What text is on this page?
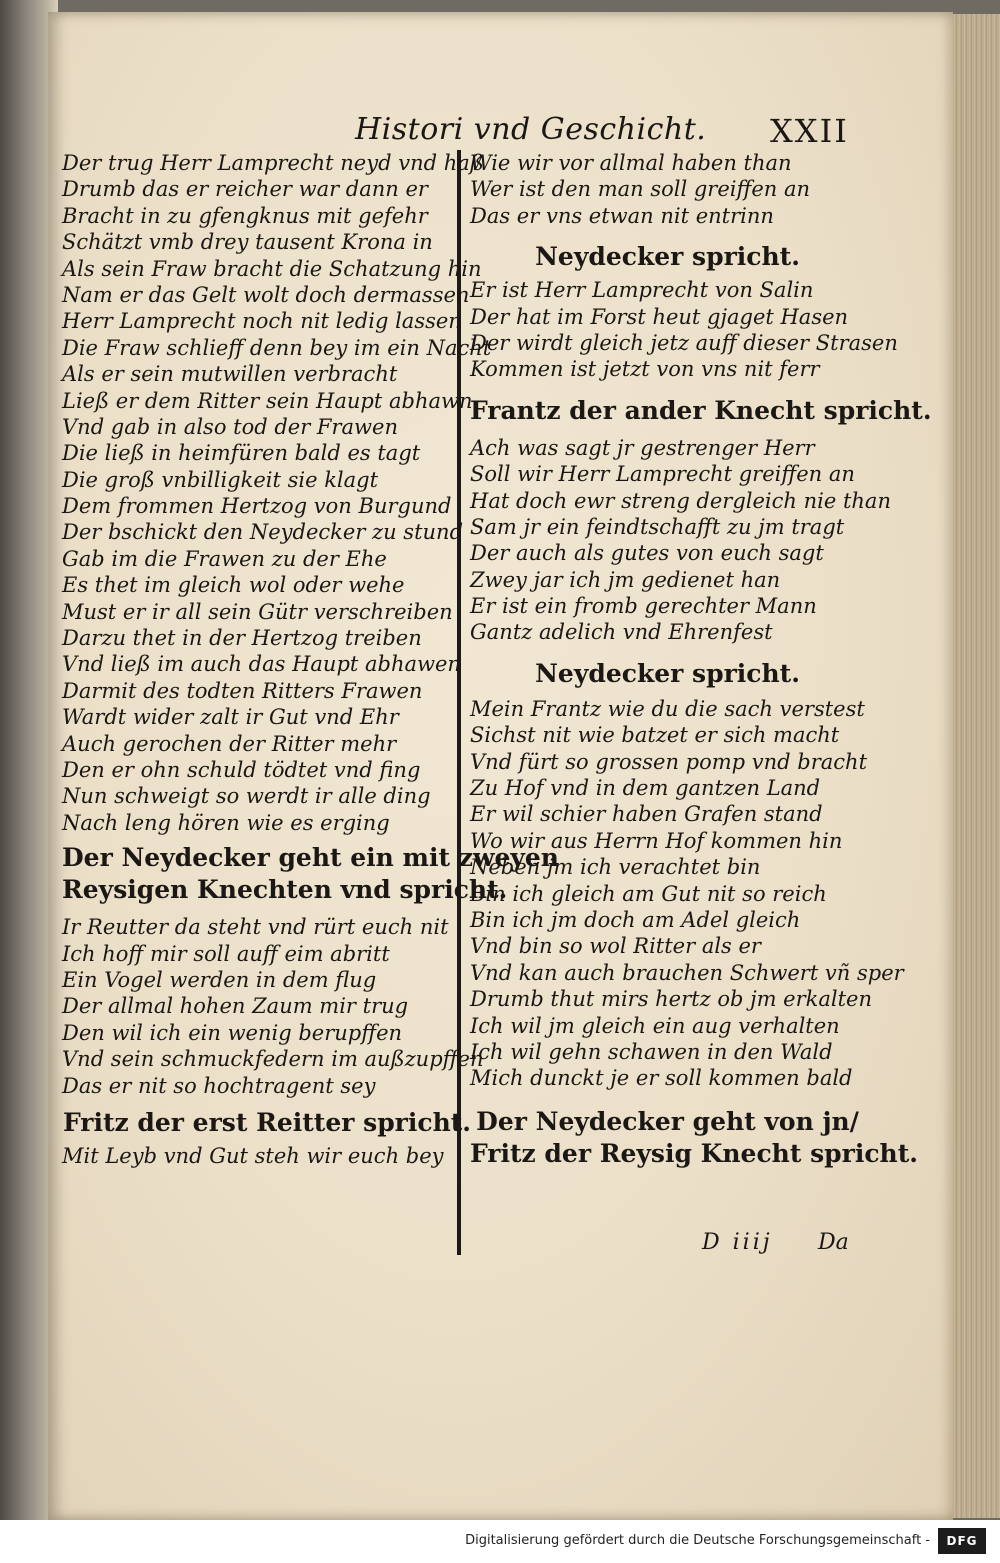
Histori vnd Geschicht. XXII
Der trug Herr Lamprecht neyd vnd haß
Drumb das er reicher war dann er
Bracht in zu gfengknus mit gefehr
Schätzt vmb drey tausent Krona in
Als sein Fraw bracht die Schatzung hin
Nam er das Gelt wolt doch dermassen
Herr Lamprecht noch nit ledig lassen
Die Fraw schlieff denn bey im ein Nacht
Als er sein mutwillen verbracht
Ließ er dem Ritter sein Haupt abhawn
Vnd gab in also tod der Frawen
Die ließ in heimfüren bald es tagt
Die groß vnbilligkeit sie klagt
Dem frommen Hertzog von Burgund
Der bschickt den Neydecker zu stund
Gab im die Frawen zu der Ehe
Es thet im gleich wol oder wehe
Must er ir all sein Gütr verschreiben
Darzu thet in der Hertzog treiben
Vnd ließ im auch das Haupt abhawen
Darmit des todten Ritters Frawen
Wardt wider zalt ir Gut vnd Ehr
Auch gerochen der Ritter mehr
Den er ohn schuld tödtet vnd fing
Nun schweigt so werdt ir alle ding
Nach leng hören wie es erging
Der Neydecker geht ein mit zweyen
Reysigen Knechten vnd spricht.
Ir Reutter da steht vnd rürt euch nit
Ich hoff mir soll auff eim abritt
Ein Vogel werden in dem flug
Der allmal hohen Zaum mir trug
Den wil ich ein wenig berupffen
Vnd sein schmuckfedern im außzupffen
Das er nit so hochtragent sey
Fritz der erst Reitter spricht.
Mit Leyb vnd Gut steh wir euch bey
Wie wir vor allmal haben than
Wer ist den man soll greiffen an
Das er vns etwan nit entrinn
Neydecker spricht.
Er ist Herr Lamprecht von Salin
Der hat im Forst heut gjaget Hasen
Der wirdt gleich jetz auff dieser Strasen
Kommen ist jetzt von vns nit ferr
Frantz der ander Knecht spricht.
Ach was sagt jr gestrenger Herr
Soll wir Herr Lamprecht greiffen an
Hat doch ewr streng dergleich nie than
Sam jr ein feindtschafft zu jm tragt
Der auch als gutes von euch sagt
Zwey jar ich jm gedienet han
Er ist ein fromb gerechter Mann
Gantz adelich vnd Ehrenfest
Neydecker spricht.
Mein Frantz wie du die sach verstest
Sichst nit wie batzet er sich macht
Vnd fürt so grossen pomp vnd bracht
Zu Hof vnd in dem gantzen Land
Er wil schier haben Grafen stand
Wo wir aus Herrn Hof kommen hin
Neben jm ich verachtet bin
Bin ich gleich am Gut nit so reich
Bin ich jm doch am Adel gleich
Vnd bin so wol Ritter als er
Vnd kan auch brauchen Schwert vñ sper
Drumb thut mirs hertz ob jm erkalten
Ich wil jm gleich ein aug verhalten
Ich wil gehn schawen in den Wald
Mich dunckt je er soll kommen bald
Der Neydecker geht von jn/
Fritz der Reysig Knecht spricht.
D iiij Da
Digitalisierung gefördert durch die Deutsche Forschungsgemeinschaft -	DFG
